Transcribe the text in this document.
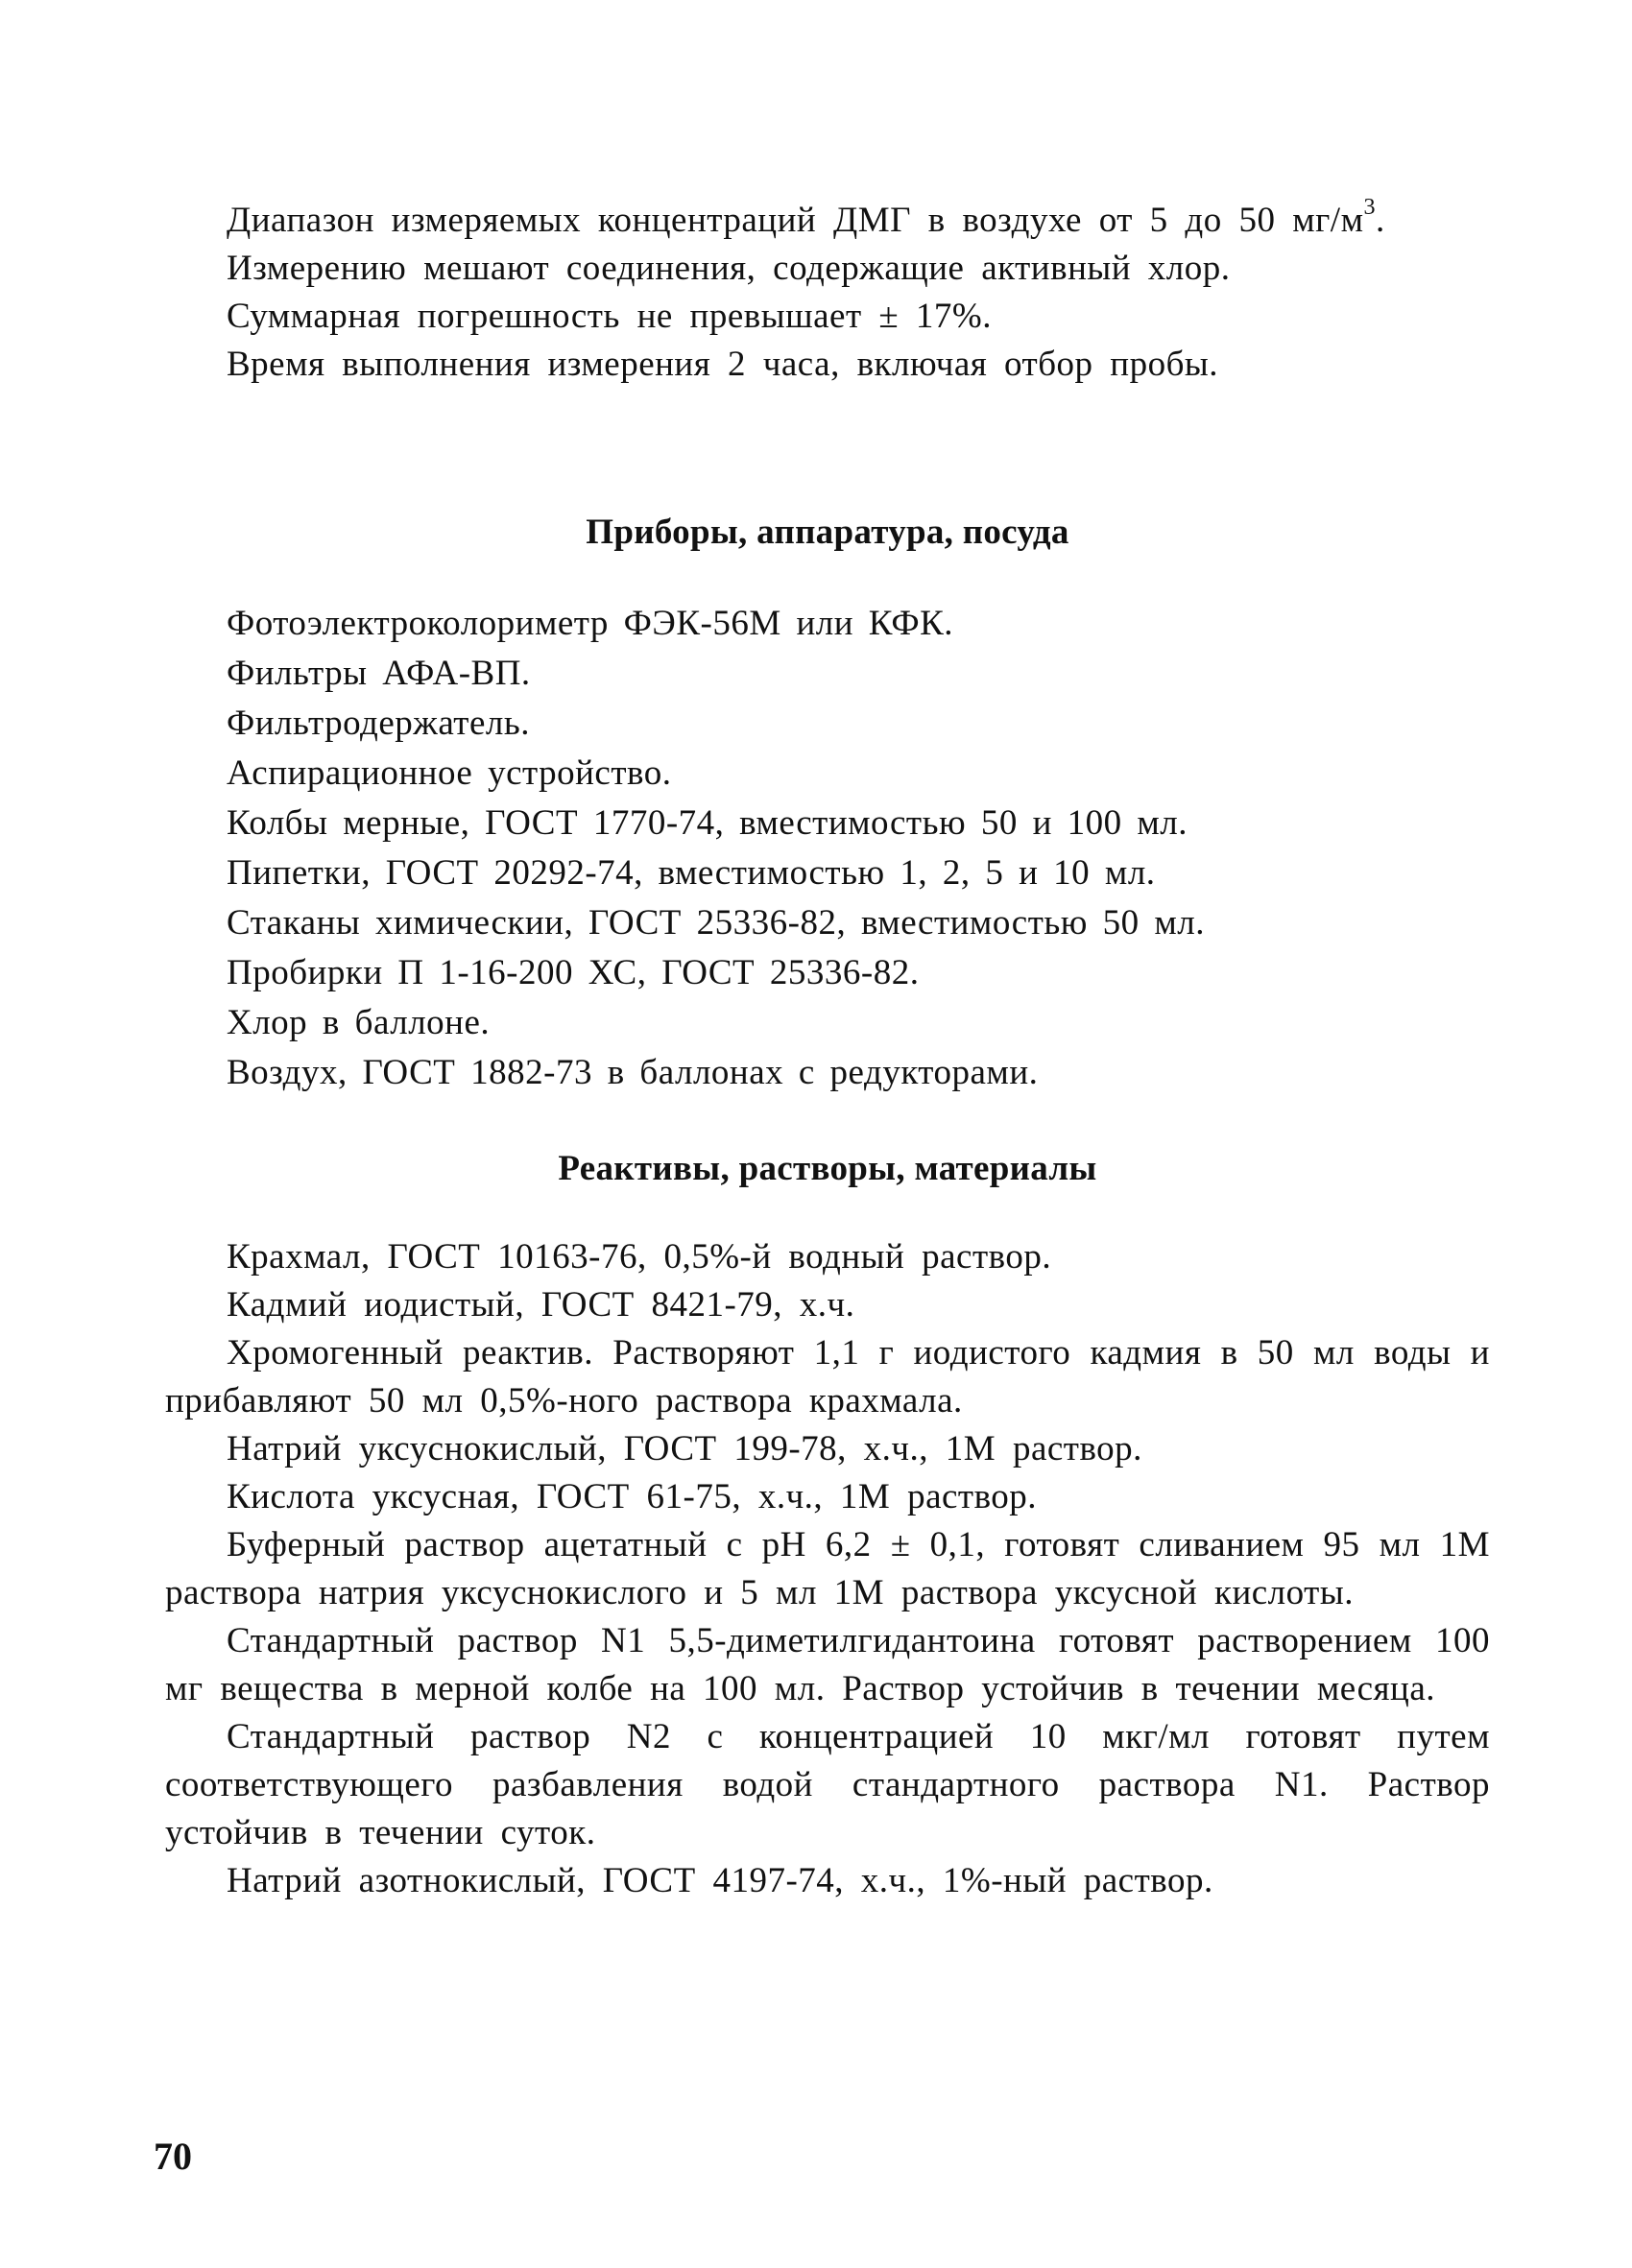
Диапазон измеряемых концентраций ДМГ в воздухе от 5 до 50 $мг/м^3$.

Измерению мешают соединения, содержащие активный хлор.

Суммарная погрешность не превышает ± 17%.

Время выполнения измерения 2 часа, включая отбор пробы.

Приборы, аппаратура, посуда

Фотоэлектроколориметр ФЭК-56М или КФК.

Фильтры АФА-ВП.

Фильтродержатель.

Аспирационное устройство.

Колбы мерные, ГОСТ 1770-74, вместимостью 50 и 100 мл.

Пипетки, ГОСТ 20292-74, вместимостью 1, 2, 5 и 10 мл.

Стаканы химическии, ГОСТ 25336-82, вместимостью 50 мл.

Пробирки П 1-16-200 ХС, ГОСТ 25336-82.

Хлор в баллоне.

Воздух, ГОСТ 1882-73 в баллонах с редукторами.

Реактивы, растворы, материалы

Крахмал, ГОСТ 10163-76, 0,5%-й водный раствор.

Кадмий иодистый, ГОСТ 8421-79, х.ч.

Хромогенный реактив. Растворяют 1,1 г иодистого кадмия в 50 мл воды и прибавляют 50 мл 0,5%-ного раствора крахмала.

Натрий уксуснокислый, ГОСТ 199-78, х.ч., 1М раствор.

Кислота уксусная, ГОСТ 61-75, х.ч., 1М раствор.

Буферный раствор ацетатный с pH 6,2 ± 0,1, готовят сливанием 95 мл 1М раствора натрия уксуснокислого и 5 мл 1М раствора уксусной кислоты.

Стандартный раствор N1 5,5-диметилгидантоина готовят растворением 100 мг вещества в мерной колбе на 100 мл. Раствор устойчив в течении месяца.

Стандартный раствор N2 с концентрацией 10 мкг/мл готовят путем соответствующего разбавления водой стандартного раствора N1. Раствор устойчив в течении суток.

Натрий азотнокислый, ГОСТ 4197-74, х.ч., 1%-ный раствор.

70
